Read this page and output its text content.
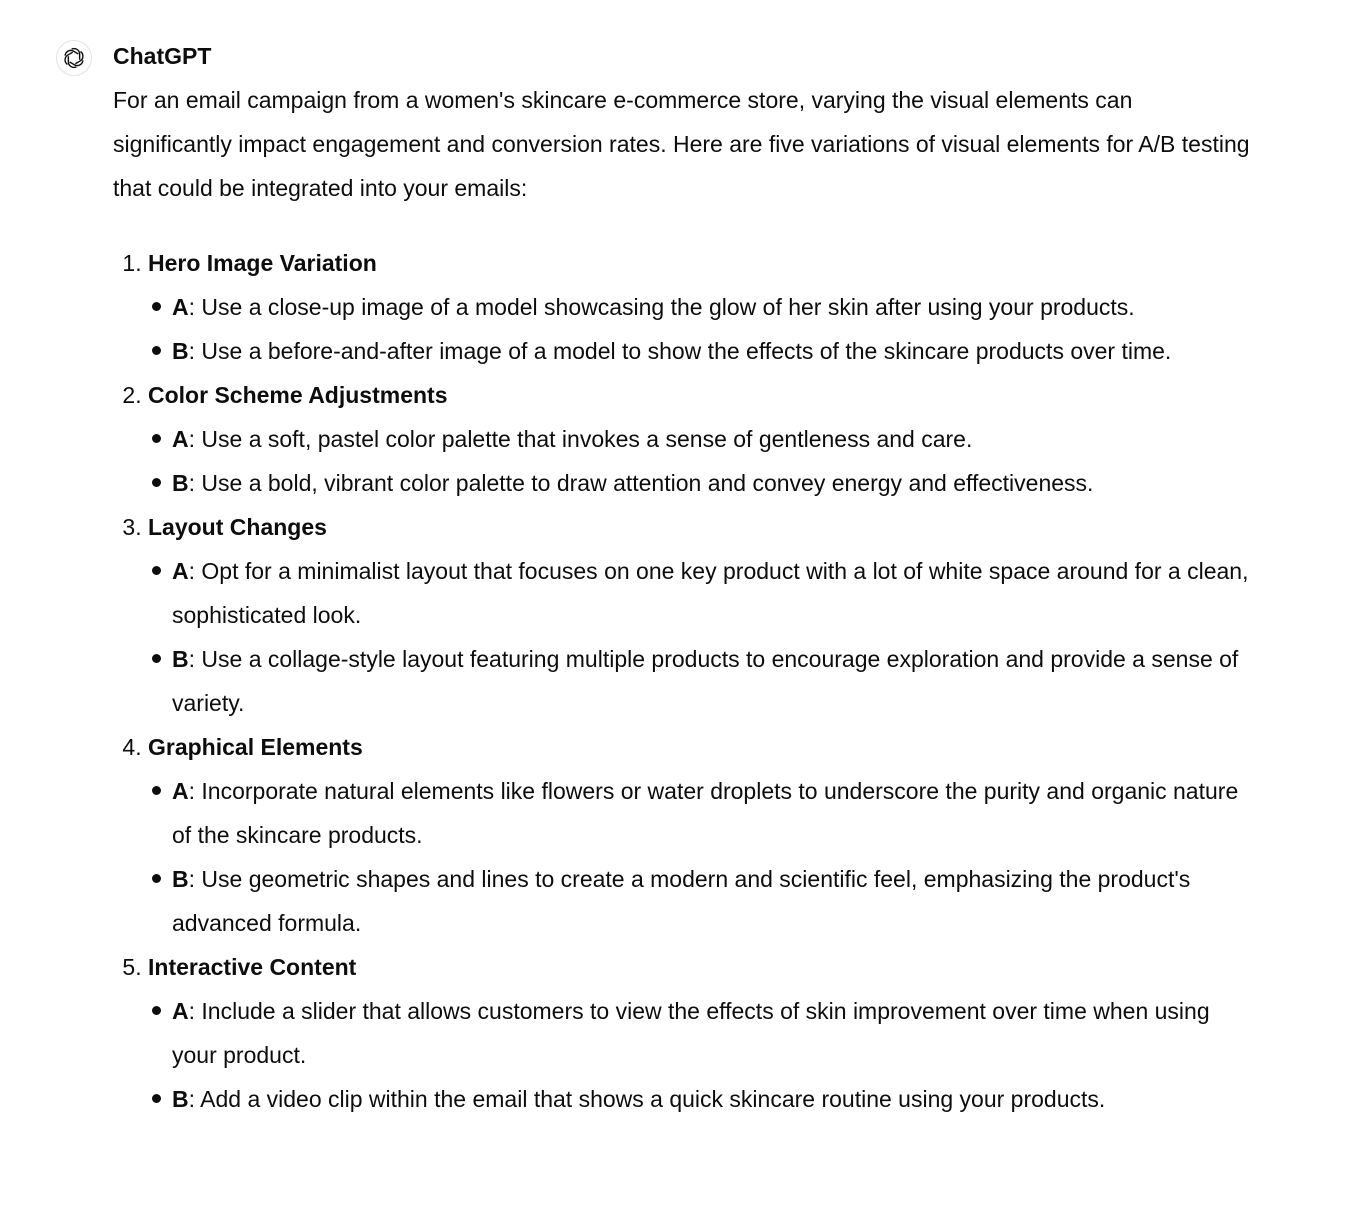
ChatGPT

For an email campaign from a women's skincare e-commerce store, varying the visual elements can significantly impact engagement and conversion rates. Here are five variations of visual elements for A/B testing that could be integrated into your emails:

1. Hero Image Variation
A: Use a close-up image of a model showcasing the glow of her skin after using your products.
B: Use a before-and-after image of a model to show the effects of the skincare products over time.
2. Color Scheme Adjustments
A: Use a soft, pastel color palette that invokes a sense of gentleness and care.
B: Use a bold, vibrant color palette to draw attention and convey energy and effectiveness.
3. Layout Changes
A: Opt for a minimalist layout that focuses on one key product with a lot of white space around for a clean, sophisticated look.
B: Use a collage-style layout featuring multiple products to encourage exploration and provide a sense of variety.
4. Graphical Elements
A: Incorporate natural elements like flowers or water droplets to underscore the purity and organic nature of the skincare products.
B: Use geometric shapes and lines to create a modern and scientific feel, emphasizing the product's advanced formula.
5. Interactive Content
A: Include a slider that allows customers to view the effects of skin improvement over time when using your product.
B: Add a video clip within the email that shows a quick skincare routine using your products.
